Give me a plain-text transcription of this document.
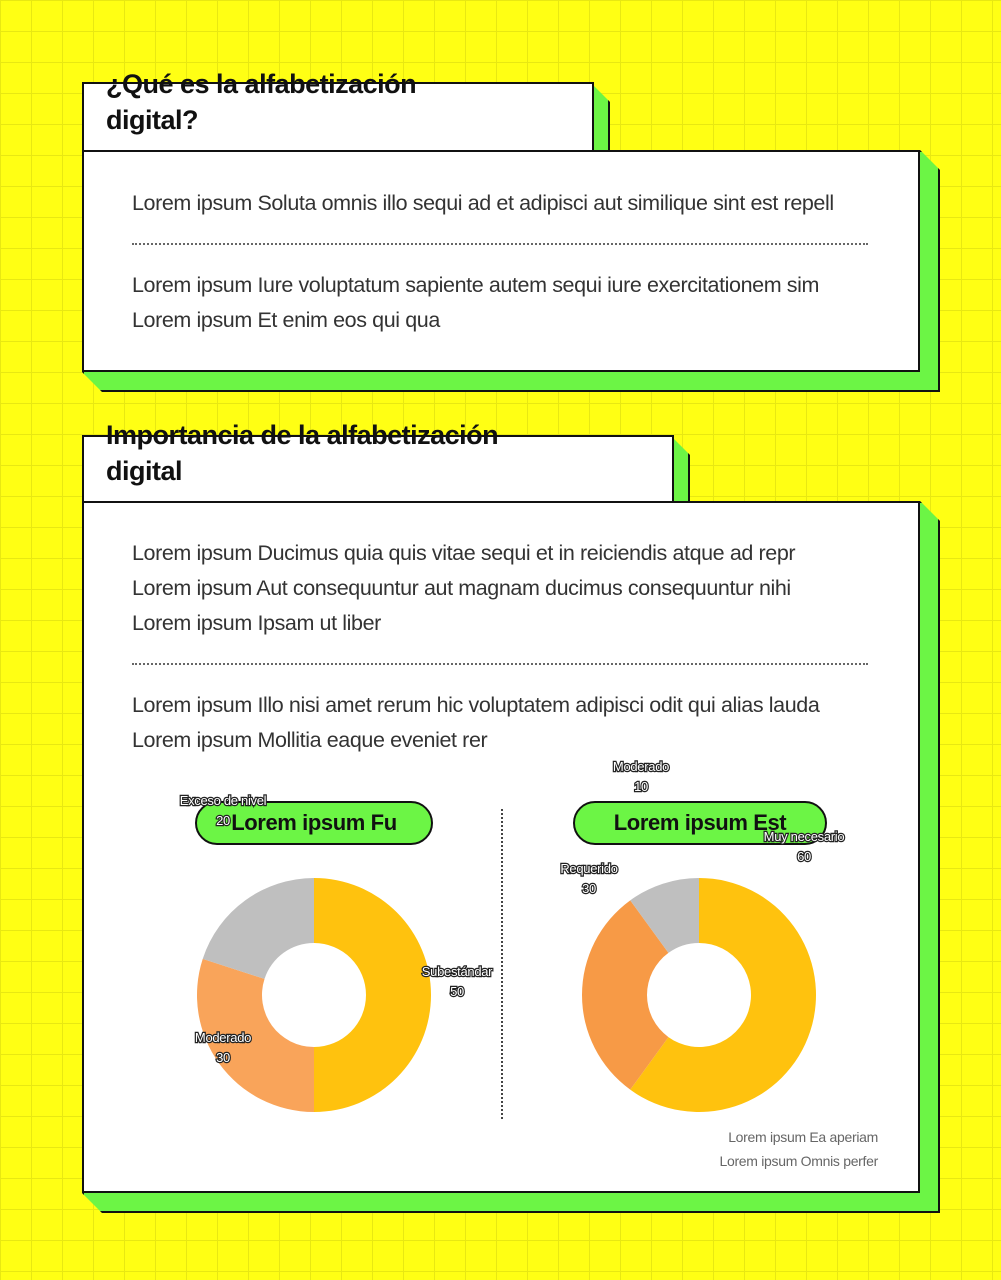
¿Qué es la alfabetización
digital?
Lorem ipsum Soluta omnis illo sequi ad et adipisci aut similique sint est repell
Lorem ipsum Iure voluptatum sapiente autem sequi iure exercitationem sim
Lorem ipsum Et enim eos qui qua
Importancia de la alfabetización
digital
Lorem ipsum Ducimus quia quis vitae sequi et in reiciendis atque ad repr
Lorem ipsum Aut consequuntur aut magnam ducimus consequuntur nihi
Lorem ipsum Ipsam ut liber
Lorem ipsum Illo nisi amet rerum hic voluptatem adipisci odit qui alias lauda
Lorem ipsum Mollitia eaque eveniet rer
Lorem ipsum Fu	Lorem ipsum Est
Subestándar
50
Moderado
30
Exceso de nivel
20
Muy necesario
60
Requerido
30
Moderado
10
Lorem ipsum Ea aperiam
Lorem ipsum Omnis perfer
